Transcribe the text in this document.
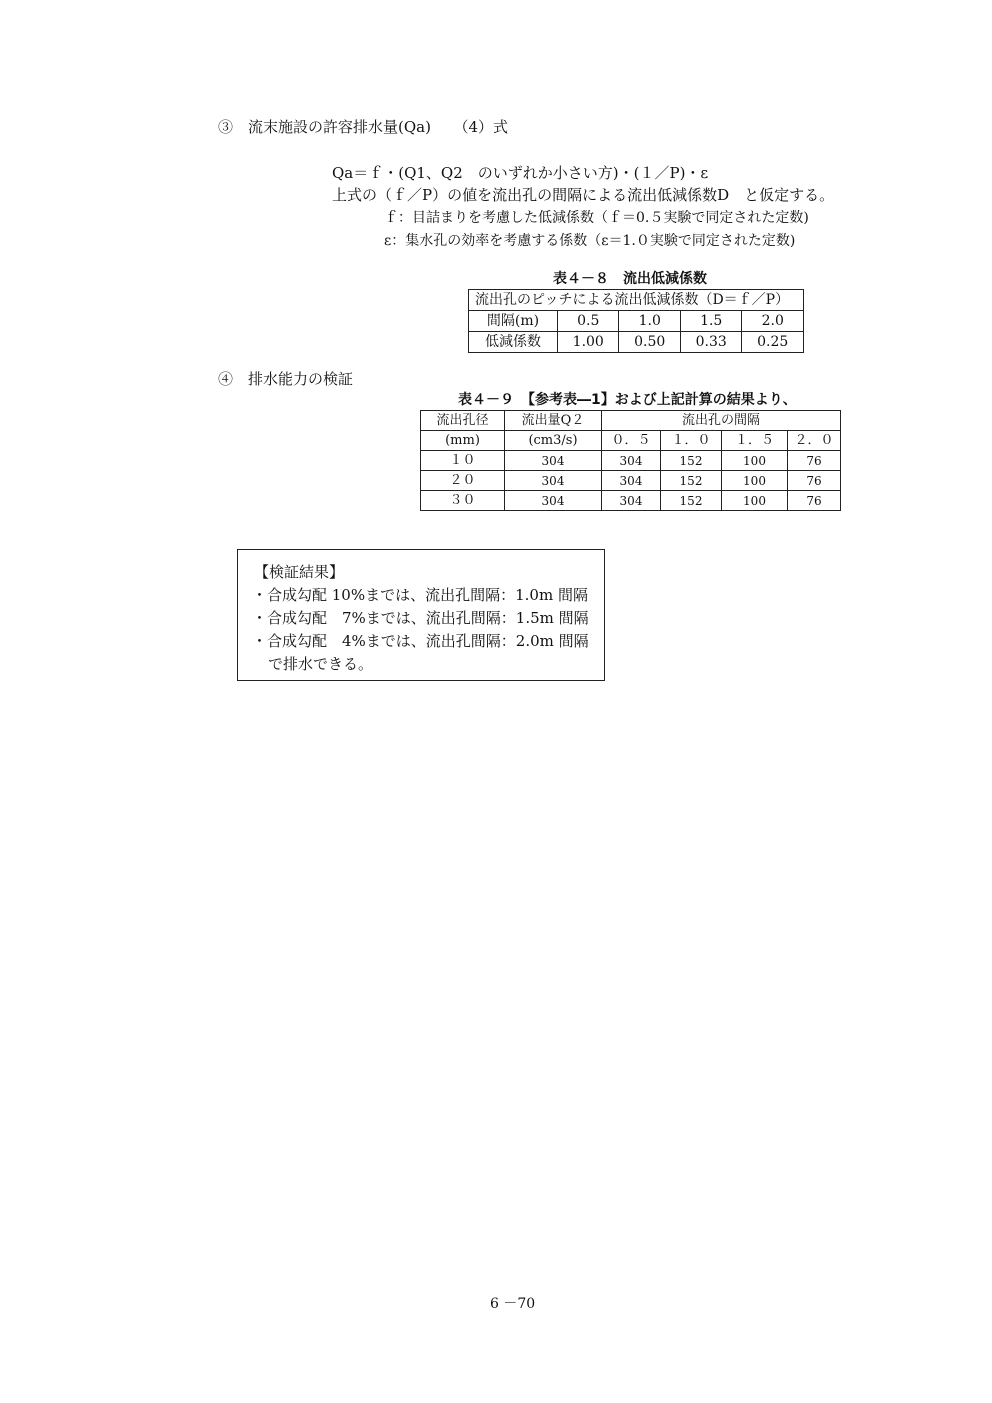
③　流末施設の許容排水量(Qa)　　（4）式
Qa＝ｆ・(Q1、Q2　のいずれか小さい方)・(１／P)・ε
上式の（ｆ／P）の値を流出孔の間隔による流出低減係数D　と仮定する。
ｆ：目詰まりを考慮した低減係数（ｆ＝0.５実験で同定された定数)
ε：集水孔の効率を考慮する係数（ε＝1.０実験で同定された定数)
表４－８　流出低減係数
流出孔のピッチによる流出低減係数（D＝ｆ／P）				
間隔(m)	0.5	1.0	1.5	2.0
低減係数	1.00	0.50	0.33	0.25
④　排水能力の検証
表４－９　【参考表―1】および上記計算の結果より、
流出孔径	流出量Q２	流出孔の間隔			
(mm)	(cm3/s)	０．５	１．０	１．５	２．０
１０	304	304	152	100	76
２０	304	304	152	100	76
３０	304	304	152	100	76
【検証結果】
・合成勾配 10%までは、流出孔間隔：1.0m 間隔
・合成勾配　7%までは、流出孔間隔：1.5m 間隔
・合成勾配　4%までは、流出孔間隔：2.0m 間隔
で排水できる。
6 －70
